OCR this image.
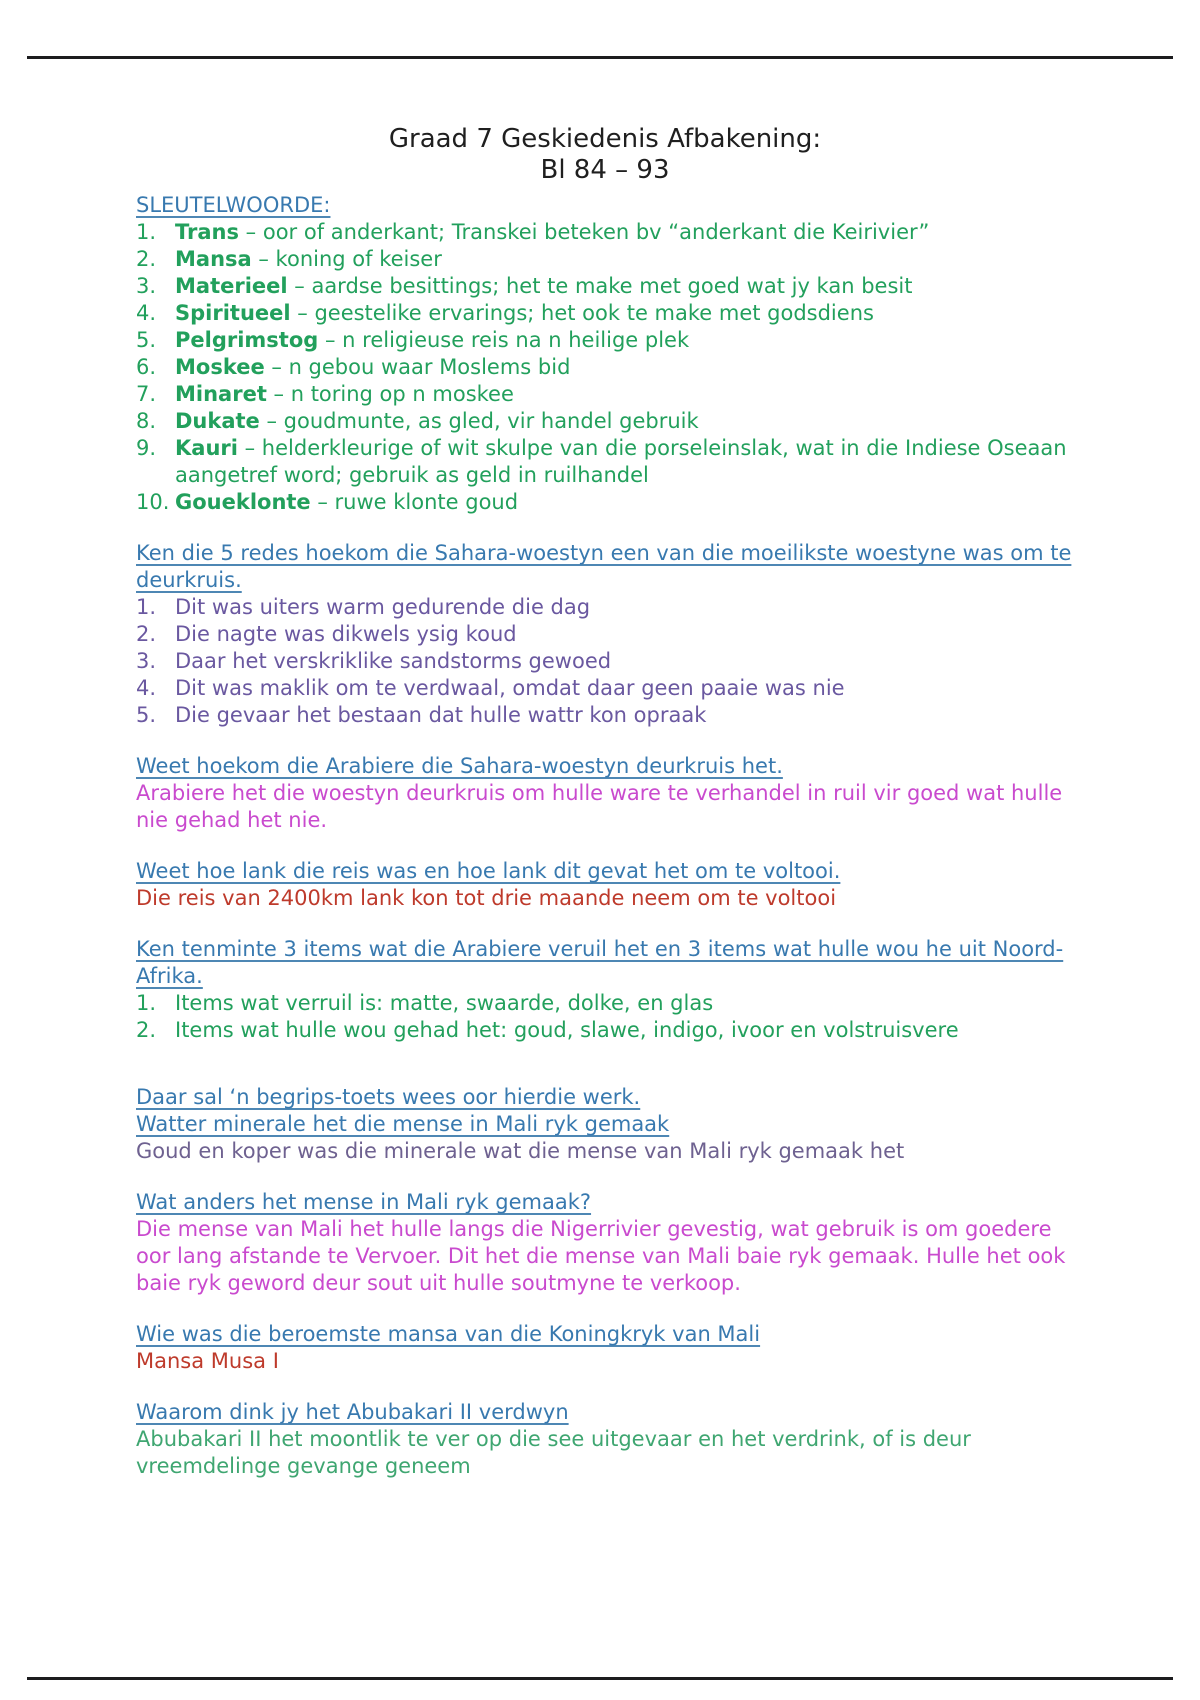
Graad 7 Geskiedenis Afbakening:
Bl 84 – 93

SLEUTELWOORDE:

Trans – oor of anderkant; Transkei beteken bv “anderkant die Keirivier”
Mansa – koning of keiser
Materieel – aardse besittings; het te make met goed wat jy kan besit
Spiritueel – geestelike ervarings; het ook te make met godsdiens
Pelgrimstog – n religieuse reis na n heilige plek
Moskee – n gebou waar Moslems bid
Minaret – n toring op n moskee
Dukate – goudmunte, as gled, vir handel gebruik
Kauri – helderkleurige of wit skulpe van die porseleinslak, wat in die Indiese Oseaan aangetref word; gebruik as geld in ruilhandel
Goueklonte – ruwe klonte goud

Ken die 5 redes hoekom die Sahara-woestyn een van die moeilikste woestyne was om te deurkruis.

Dit was uiters warm gedurende die dag
Die nagte was dikwels ysig koud
Daar het verskriklike sandstorms gewoed
Dit was maklik om te verdwaal, omdat daar geen paaie was nie
Die gevaar het bestaan dat hulle wattr kon opraak

Weet hoekom die Arabiere die Sahara-woestyn deurkruis het.

Arabiere het die woestyn deurkruis om hulle ware te verhandel in ruil vir goed wat hulle nie gehad het nie.

Weet hoe lank die reis was en hoe lank dit gevat het om te voltooi.

Die reis van 2400km lank kon tot drie maande neem om te voltooi

Ken tenminte 3 items wat die Arabiere veruil het en 3 items wat hulle wou he uit Noord-Afrika.

Items wat verruil is: matte, swaarde, dolke, en glas
Items wat hulle wou gehad het: goud, slawe, indigo, ivoor en volstruisvere

Daar sal ‘n begrips-toets wees oor hierdie werk.

Watter minerale het die mense in Mali ryk gemaak

Goud en koper was die minerale wat die mense van Mali ryk gemaak het

Wat anders het mense in Mali ryk gemaak?

Die mense van Mali het hulle langs die Nigerrivier gevestig, wat gebruik is om goedere oor lang afstande te Vervoer. Dit het die mense van Mali baie ryk gemaak. Hulle het ook baie ryk geword deur sout uit hulle soutmyne te verkoop.

Wie was die beroemste mansa van die Koningkryk van Mali

Mansa Musa I

Waarom dink jy het Abubakari II verdwyn

Abubakari II het moontlik te ver op die see uitgevaar en het verdrink, of is deur vreemdelinge gevange geneem
